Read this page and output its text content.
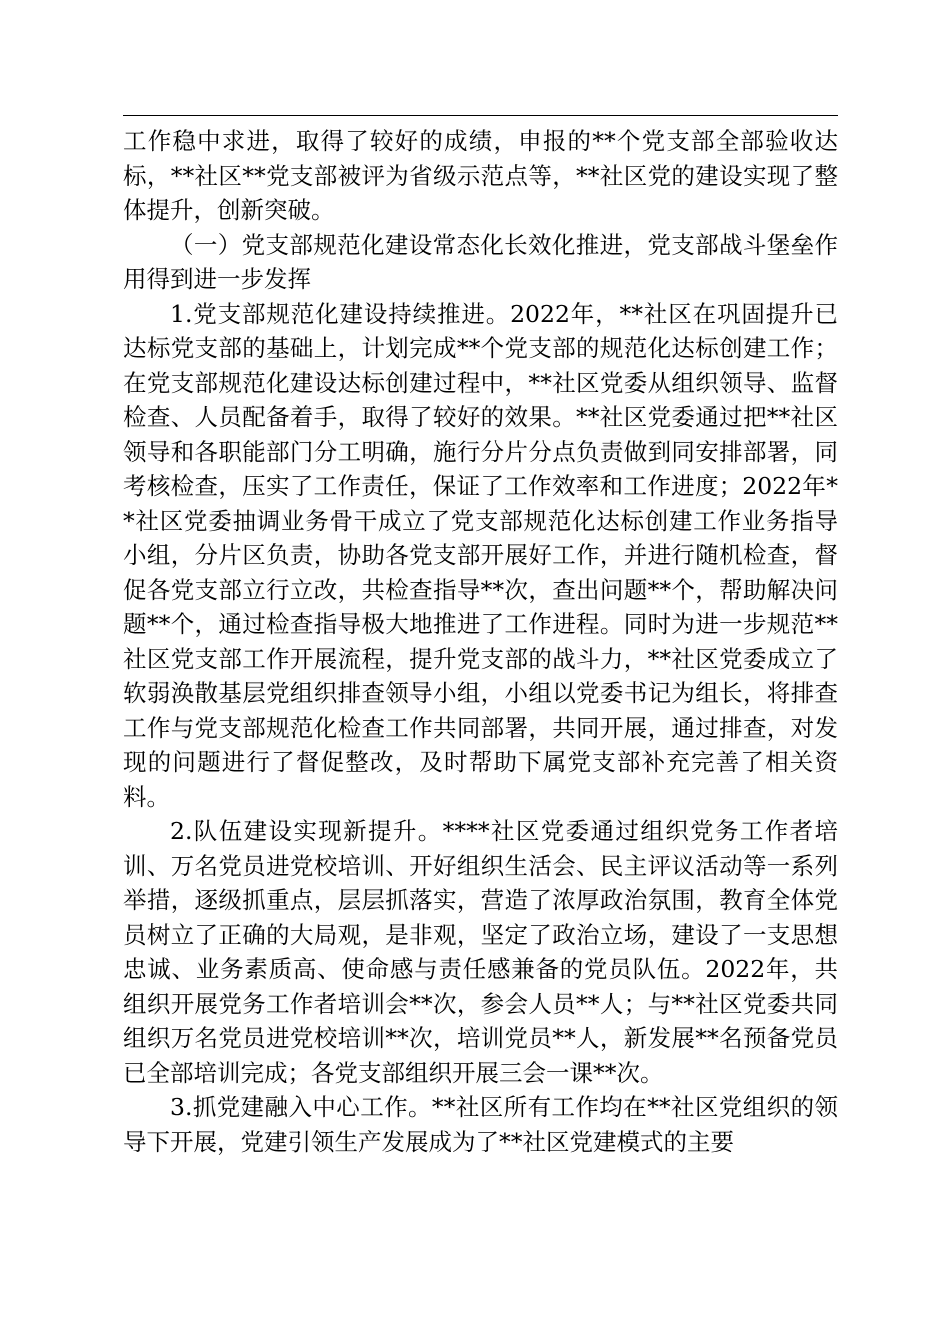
工作稳中求进，取得了较好的成绩，申报的**个党支部全部验收达标，**社区**党支部被评为省级示范点等，**社区党的建设实现了整体提升，创新突破。

（一）党支部规范化建设常态化长效化推进，党支部战斗堡垒作用得到进一步发挥

1.党支部规范化建设持续推进。2022年，**社区在巩固提升已达标党支部的基础上，计划完成**个党支部的规范化达标创建工作；在党支部规范化建设达标创建过程中，**社区党委从组织领导、监督检查、人员配备着手，取得了较好的效果。**社区党委通过把**社区领导和各职能部门分工明确，施行分片分点负责做到同安排部署，同考核检查，压实了工作责任，保证了工作效率和工作进度；2022年**社区党委抽调业务骨干成立了党支部规范化达标创建工作业务指导小组，分片区负责，协助各党支部开展好工作，并进行随机检查，督促各党支部立行立改，共检查指导**次，查出问题**个，帮助解决问题**个，通过检查指导极大地推进了工作进程。同时为进一步规范**社区党支部工作开展流程，提升党支部的战斗力，**社区党委成立了软弱涣散基层党组织排查领导小组，小组以党委书记为组长，将排查工作与党支部规范化检查工作共同部署，共同开展，通过排查，对发现的问题进行了督促整改，及时帮助下属党支部补充完善了相关资料。

2.队伍建设实现新提升。****社区党委通过组织党务工作者培训、万名党员进党校培训、开好组织生活会、民主评议活动等一系列举措，逐级抓重点，层层抓落实，营造了浓厚政治氛围，教育全体党员树立了正确的大局观，是非观，坚定了政治立场，建设了一支思想忠诚、业务素质高、使命感与责任感兼备的党员队伍。2022年，共组织开展党务工作者培训会**次，参会人员**人；与**社区党委共同组织万名党员进党校培训**次，培训党员**人，新发展**名预备党员已全部培训完成；各党支部组织开展三会一课**次。

3.抓党建融入中心工作。**社区所有工作均在**社区党组织的领导下开展，党建引领生产发展成为了**社区党建模式的主要
